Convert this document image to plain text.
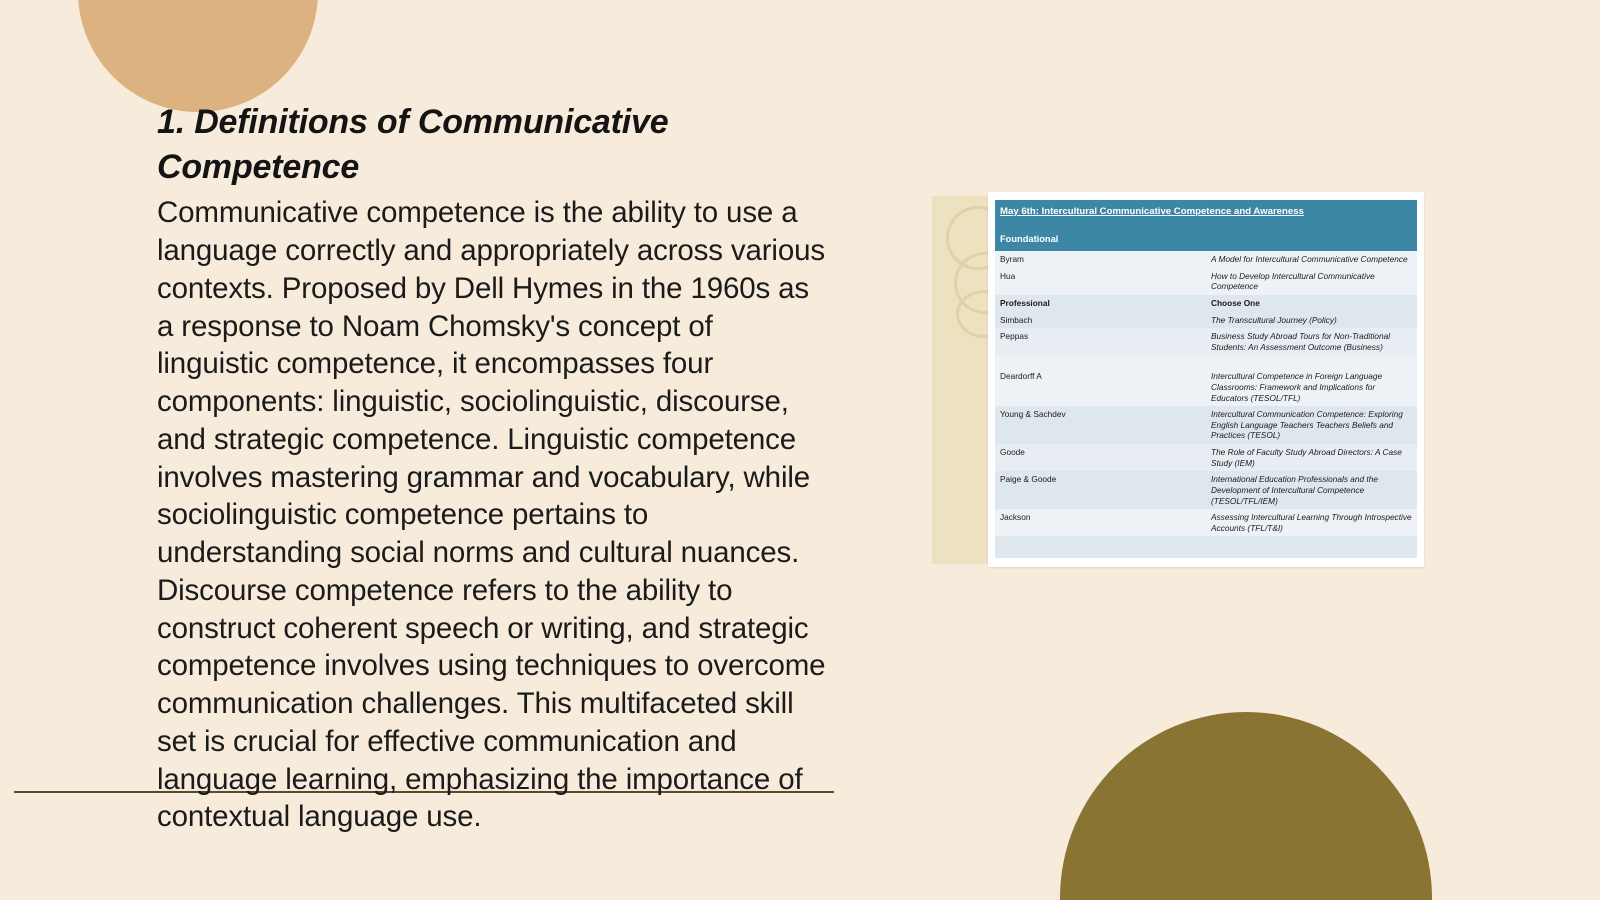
1. Definitions of Communicative Competence

Communicative competence is the ability to use a language correctly and appropriately across various contexts. Proposed by Dell Hymes in the 1960s as a response to Noam Chomsky's concept of linguistic competence, it encompasses four components: linguistic, sociolinguistic, discourse, and strategic competence. Linguistic competence involves mastering grammar and vocabulary, while sociolinguistic competence pertains to understanding social norms and cultural nuances. Discourse competence refers to the ability to construct coherent speech or writing, and strategic competence involves using techniques to overcome communication challenges. This multifaceted skill set is crucial for effective communication and language learning, emphasizing the importance of contextual language use.

May 6th: Intercultural Communicative Competence and Awareness	
Foundational	
Byram	A Model for Intercultural Communicative Competence
Hua	How to Develop Intercultural Communicative Competence
Professional	Choose One
Simbach	The Transcultural Journey (Policy)
Peppas	Business Study Abroad Tours for Non-Traditional Students: An Assessment Outcome (Business)

Deardorff A	Intercultural Competence in Foreign Language Classrooms: Framework and Implications for Educators (TESOL/TFL)
Young & Sachdev	Intercultural Communication Competence: Exploring English Language Teachers Teachers Beliefs and Practices (TESOL)
Goode	The Role of Faculty Study Abroad Directors: A Case Study (IEM)
Paige & Goode	International Education Professionals and the Development of Intercultural Competence (TESOL/TFL/IEM)
Jackson	Assessing Intercultural Learning Through Introspective Accounts (TFL/T&I)
